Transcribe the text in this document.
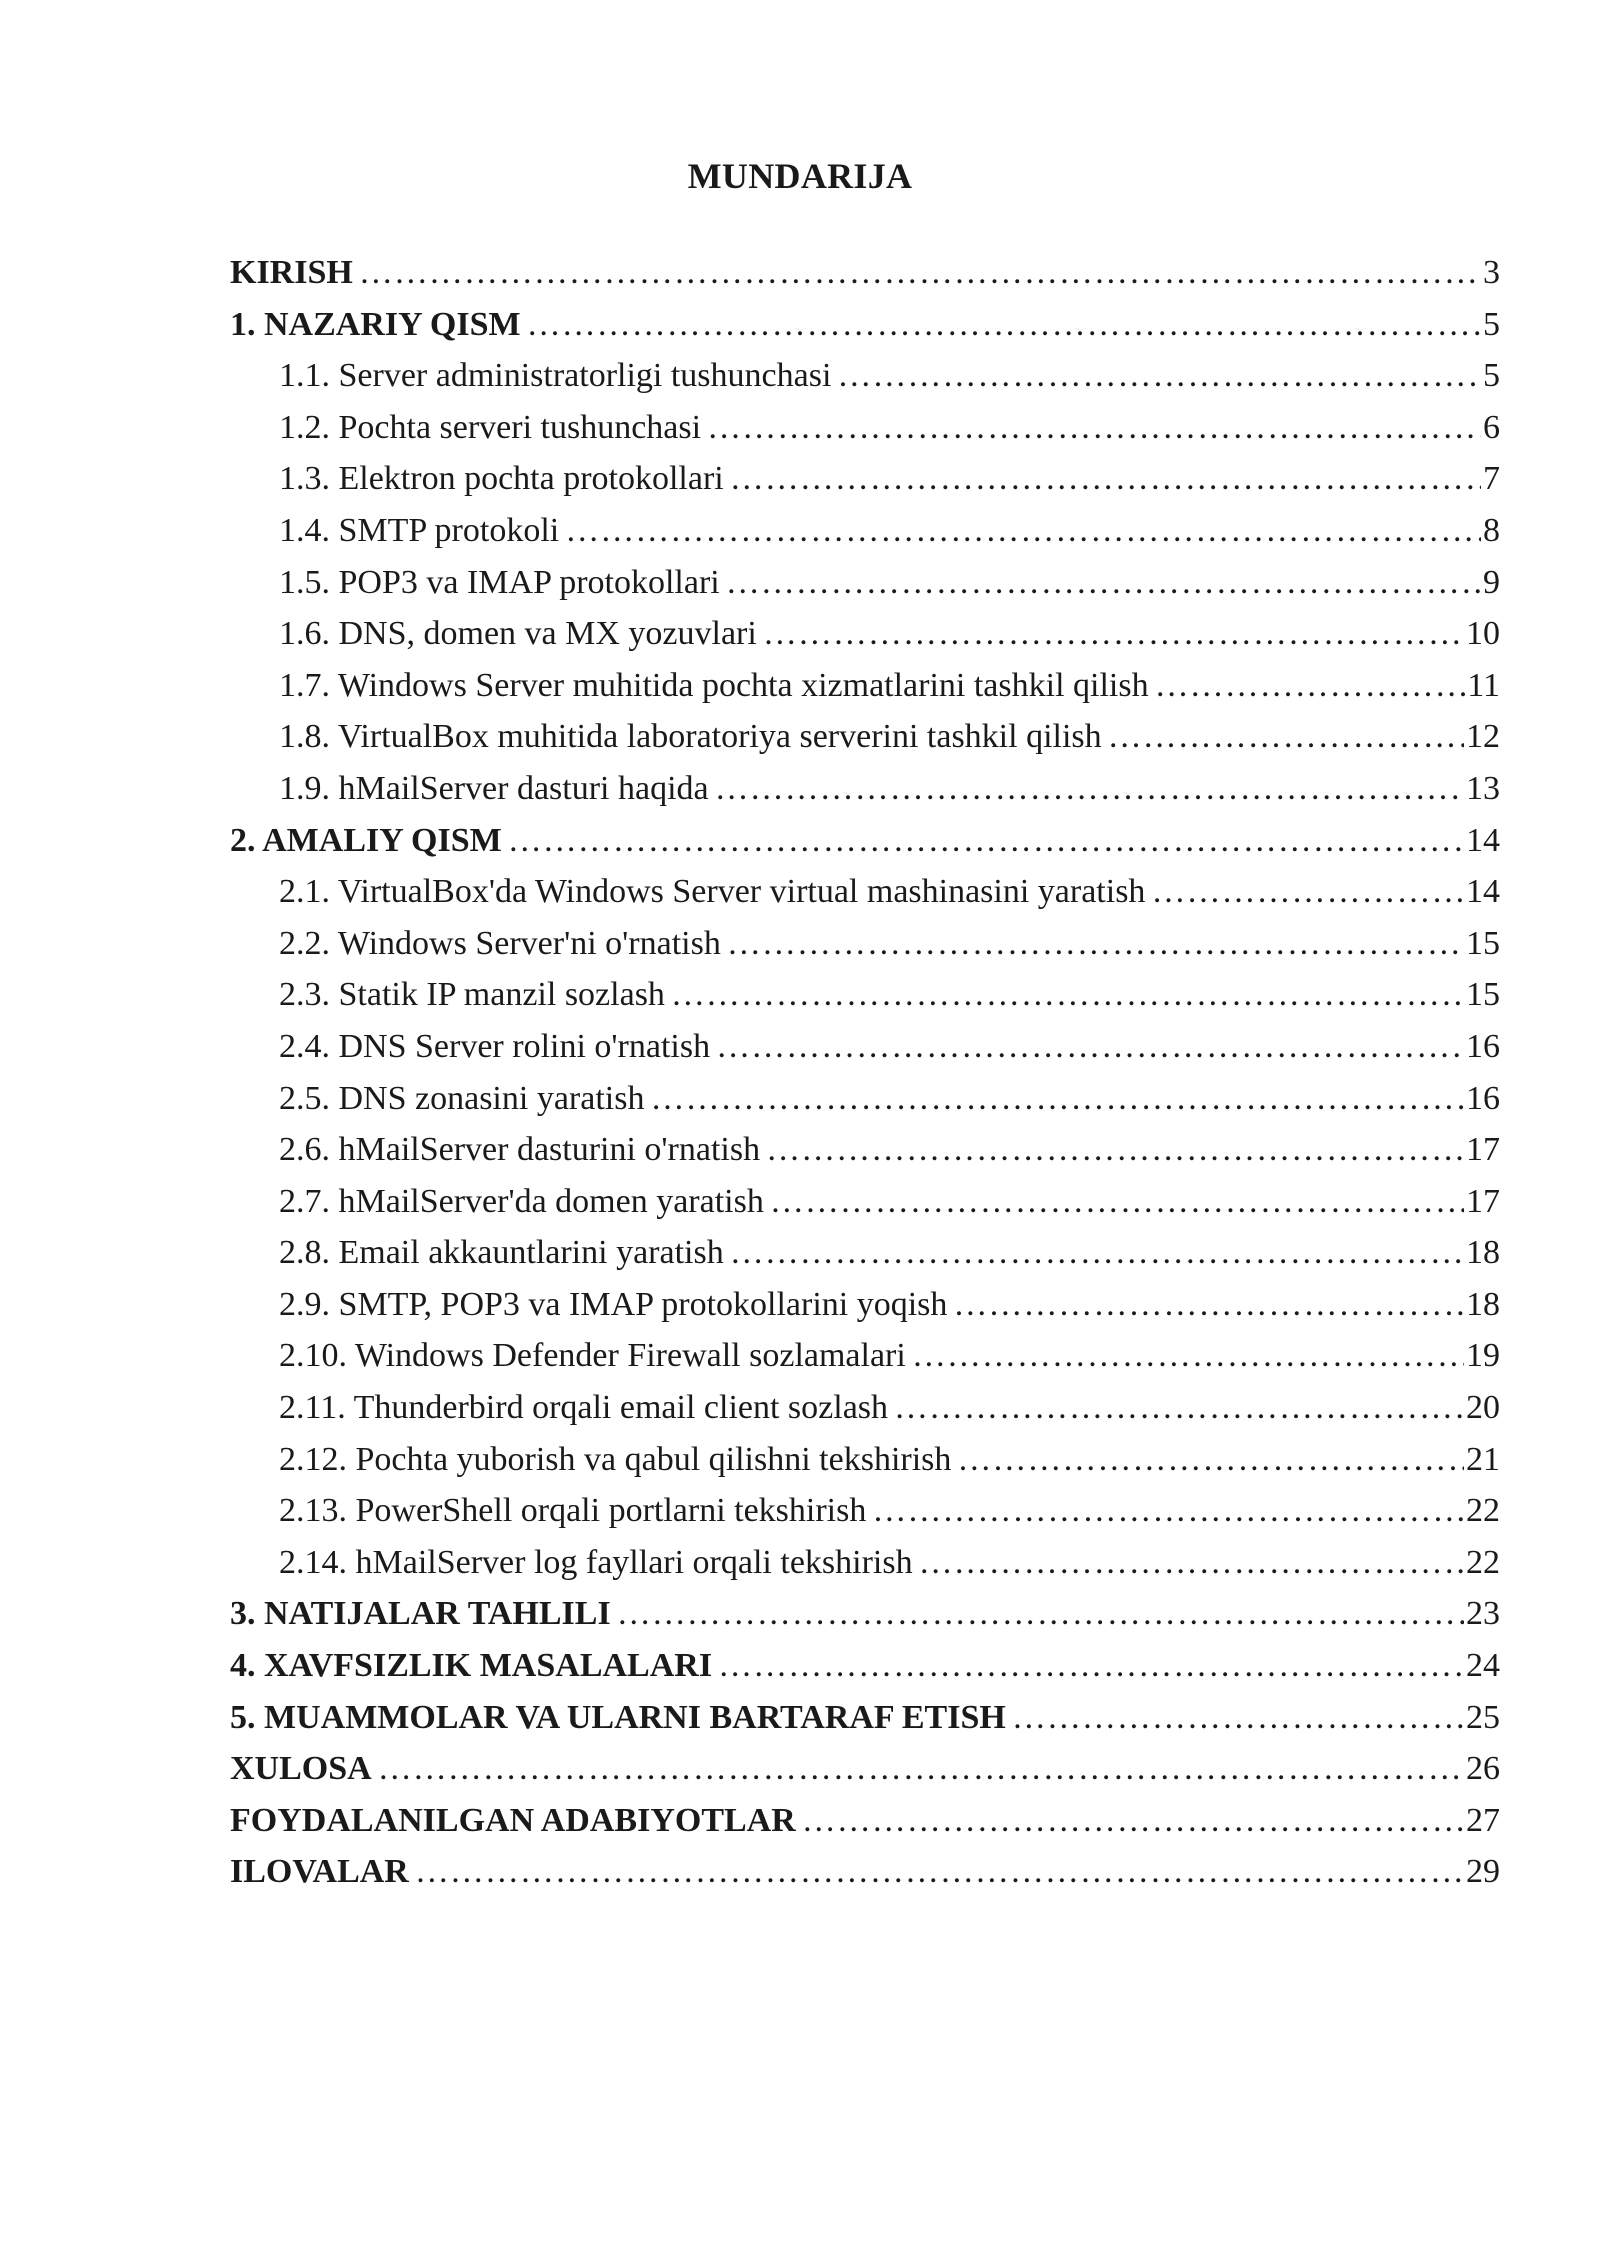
MUNDARIJA
KIRISH ……………………………………………………………………………………………………………………………………………………………………………………………………………………	3
1. NAZARIY QISM ……………………………………………………………………………………………………………………………………………………………………………………………………………………	5
1.1. Server administratorligi tushunchasi ……………………………………………………………………………………………………………………………………………………………………………………………………………………	5
1.2. Pochta serveri tushunchasi ……………………………………………………………………………………………………………………………………………………………………………………………………………………	6
1.3. Elektron pochta protokollari ……………………………………………………………………………………………………………………………………………………………………………………………………………………	7
1.4. SMTP protokoli ……………………………………………………………………………………………………………………………………………………………………………………………………………………	8
1.5. POP3 va IMAP protokollari ……………………………………………………………………………………………………………………………………………………………………………………………………………………	9
1.6. DNS, domen va MX yozuvlari ……………………………………………………………………………………………………………………………………………………………………………………………………………………	10
1.7. Windows Server muhitida pochta xizmatlarini tashkil qilish ……………………………………………………………………………………………………………………………………………………………………………………………………………………	11
1.8. VirtualBox muhitida laboratoriya serverini tashkil qilish ……………………………………………………………………………………………………………………………………………………………………………………………………………………	12
1.9. hMailServer dasturi haqida ……………………………………………………………………………………………………………………………………………………………………………………………………………………	13
2. AMALIY QISM ……………………………………………………………………………………………………………………………………………………………………………………………………………………	14
2.1. VirtualBox'da Windows Server virtual mashinasini yaratish ……………………………………………………………………………………………………………………………………………………………………………………………………………………	14
2.2. Windows Server'ni o'rnatish ……………………………………………………………………………………………………………………………………………………………………………………………………………………	15
2.3. Statik IP manzil sozlash ……………………………………………………………………………………………………………………………………………………………………………………………………………………	15
2.4. DNS Server rolini o'rnatish ……………………………………………………………………………………………………………………………………………………………………………………………………………………	16
2.5. DNS zonasini yaratish ……………………………………………………………………………………………………………………………………………………………………………………………………………………	16
2.6. hMailServer dasturini o'rnatish ……………………………………………………………………………………………………………………………………………………………………………………………………………………	17
2.7. hMailServer'da domen yaratish ……………………………………………………………………………………………………………………………………………………………………………………………………………………	17
2.8. Email akkauntlarini yaratish ……………………………………………………………………………………………………………………………………………………………………………………………………………………	18
2.9. SMTP, POP3 va IMAP protokollarini yoqish ……………………………………………………………………………………………………………………………………………………………………………………………………………………	18
2.10. Windows Defender Firewall sozlamalari ……………………………………………………………………………………………………………………………………………………………………………………………………………………	19
2.11. Thunderbird orqali email client sozlash ……………………………………………………………………………………………………………………………………………………………………………………………………………………	20
2.12. Pochta yuborish va qabul qilishni tekshirish ……………………………………………………………………………………………………………………………………………………………………………………………………………………	21
2.13. PowerShell orqali portlarni tekshirish ……………………………………………………………………………………………………………………………………………………………………………………………………………………	22
2.14. hMailServer log fayllari orqali tekshirish ……………………………………………………………………………………………………………………………………………………………………………………………………………………	22
3. NATIJALAR TAHLILI ……………………………………………………………………………………………………………………………………………………………………………………………………………………	23
4. XAVFSIZLIK MASALALARI ……………………………………………………………………………………………………………………………………………………………………………………………………………………	24
5. MUAMMOLAR VA ULARNI BARTARAF ETISH ……………………………………………………………………………………………………………………………………………………………………………………………………………………	25
XULOSA ……………………………………………………………………………………………………………………………………………………………………………………………………………………	26
FOYDALANILGAN ADABIYOTLAR ……………………………………………………………………………………………………………………………………………………………………………………………………………………	27
ILOVALAR ……………………………………………………………………………………………………………………………………………………………………………………………………………………	29
